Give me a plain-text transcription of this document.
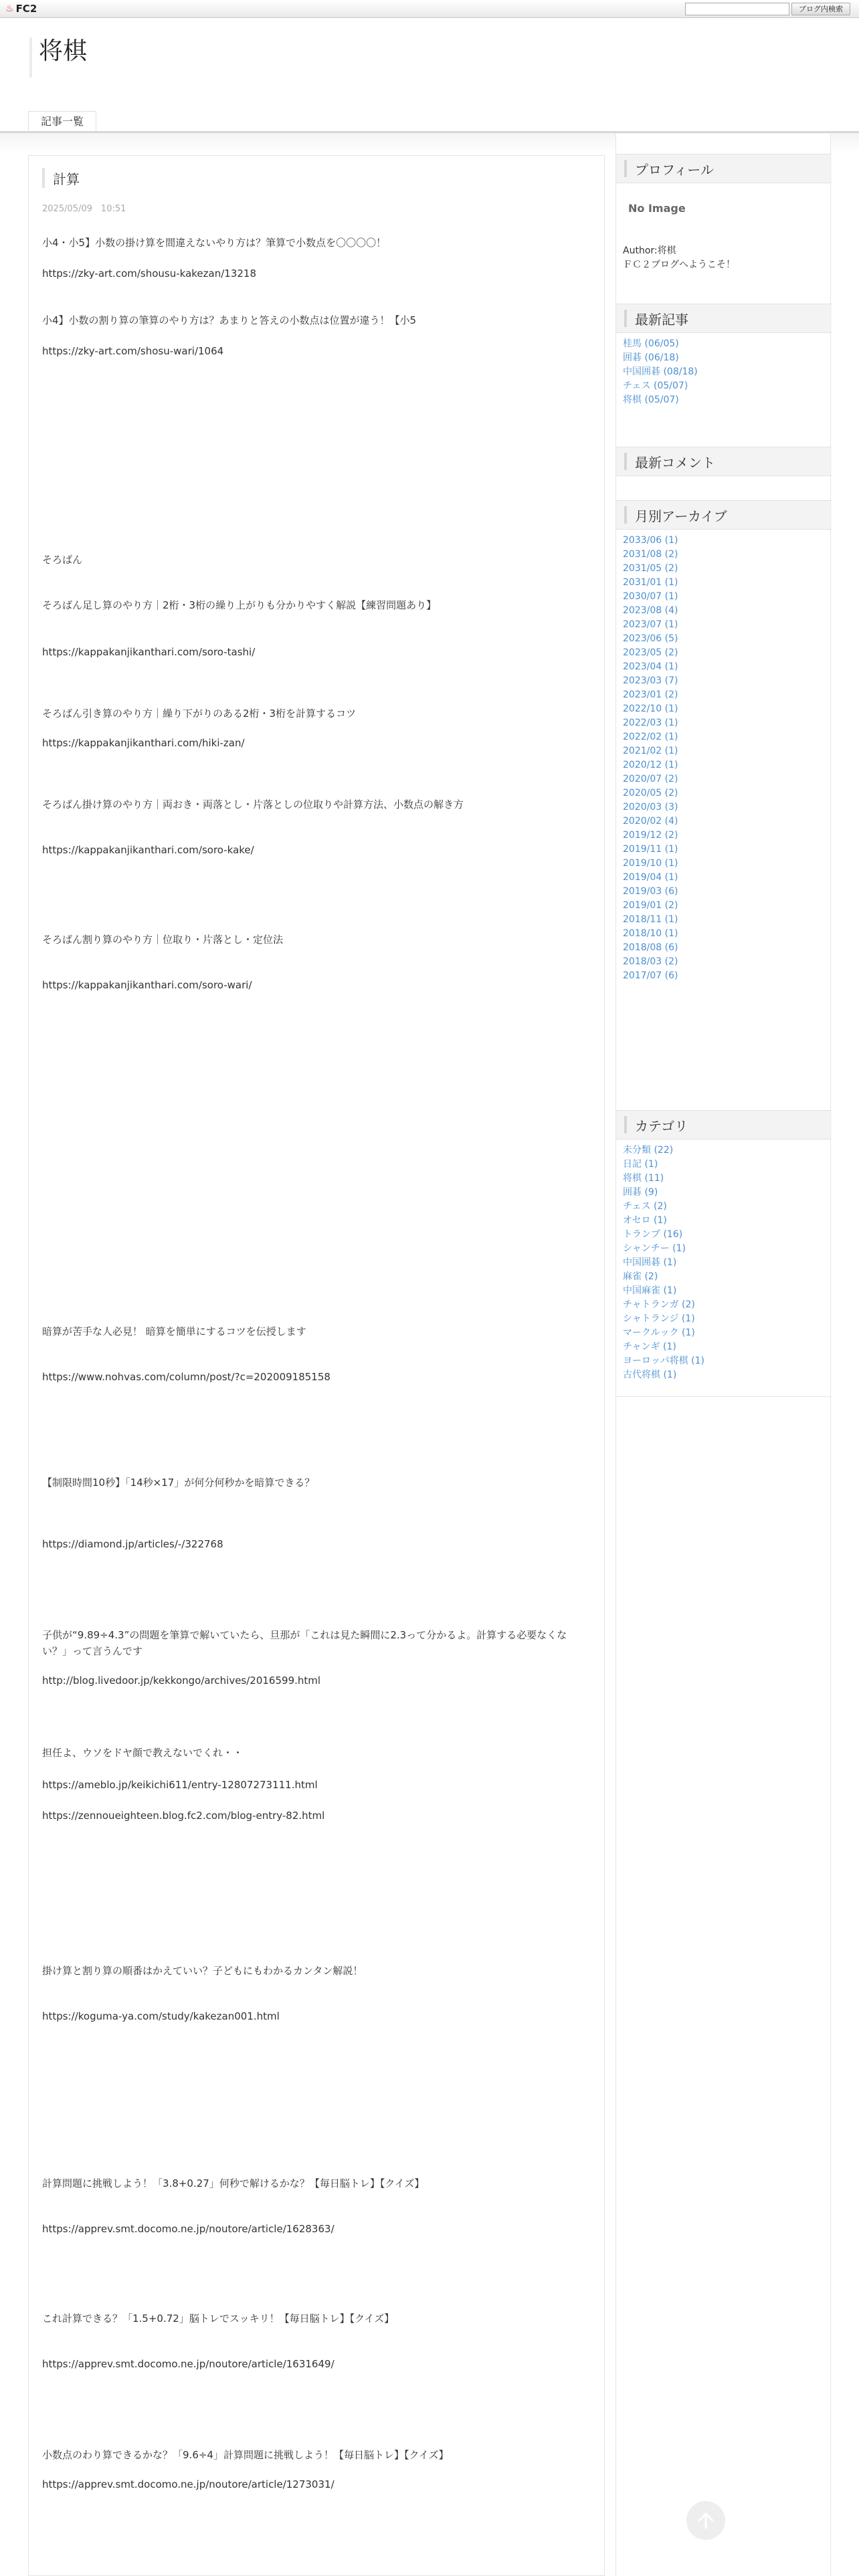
♨ FC2	ブログ内検索
将棋
記事一覧
計算
2025/05/09　10:51

小4・小5】小数の掛け算を間違えないやり方は？筆算で小数点を〇〇〇〇！

https://zky-art.com/shousu-kakezan/13218

小4】小数の割り算の筆算のやり方は？あまりと答えの小数点は位置が違う！【小5

https://zky-art.com/shosu-wari/1064

そろばん

そろばん足し算のやり方｜2桁・3桁の繰り上がりも分かりやすく解説【練習問題あり】

https://kappakanjikanthari.com/soro-tashi/

そろばん引き算のやり方｜繰り下がりのある2桁・3桁を計算するコツ

https://kappakanjikanthari.com/hiki-zan/

そろばん掛け算のやり方｜両おき・両落とし・片落としの位取りや計算方法、小数点の解き方

https://kappakanjikanthari.com/soro-kake/

そろばん割り算のやり方｜位取り・片落とし・定位法

https://kappakanjikanthari.com/soro-wari/

暗算が苦手な人必見！ 暗算を簡単にするコツを伝授します

https://www.nohvas.com/column/post/?c=202009185158

【制限時間10秒】「14秒×17」が何分何秒かを暗算できる？

https://diamond.jp/articles/-/322768

子供が“9.89÷4.3”の問題を筆算で解いていたら、旦那が「これは見た瞬間に2.3って分かるよ。計算する必要なくない？」って言うんです

http://blog.livedoor.jp/kekkongo/archives/2016599.html

担任よ、ウソをドヤ顔で教えないでくれ・・

https://ameblo.jp/keikichi611/entry-12807273111.html

https://zennoueighteen.blog.fc2.com/blog-entry-82.html

掛け算と割り算の順番はかえていい？子どもにもわかるカンタン解説！

https://koguma-ya.com/study/kakezan001.html

計算問題に挑戦しよう！「3.8+0.27」何秒で解けるかな？【毎日脳トレ】【クイズ】

https://apprev.smt.docomo.ne.jp/noutore/article/1628363/

これ計算できる？「1.5+0.72」脳トレでスッキリ！【毎日脳トレ】【クイズ】

https://apprev.smt.docomo.ne.jp/noutore/article/1631649/

小数点のわり算できるかな？「9.6÷4」計算問題に挑戦しよう！【毎日脳トレ】【クイズ】

https://apprev.smt.docomo.ne.jp/noutore/article/1273031/

プロフィール
No Image
Author:将棋
ＦＣ２ブログへようこそ！
最新記事
桂馬 (06/05)
囲碁 (06/18)
中国囲碁 (08/18)
チェス (05/07)
将棋 (05/07)
最新コメント
月別アーカイブ
2033/06 (1)
2031/08 (2)
2031/05 (2)
2031/01 (1)
2030/07 (1)
2023/08 (4)
2023/07 (1)
2023/06 (5)
2023/05 (2)
2023/04 (1)
2023/03 (7)
2023/01 (2)
2022/10 (1)
2022/03 (1)
2022/02 (1)
2021/02 (1)
2020/12 (1)
2020/07 (2)
2020/05 (2)
2020/03 (3)
2020/02 (4)
2019/12 (2)
2019/11 (1)
2019/10 (1)
2019/04 (1)
2019/03 (6)
2019/01 (2)
2018/11 (1)
2018/10 (1)
2018/08 (6)
2018/03 (2)
2017/07 (6)
カテゴリ
未分類 (22)
日記 (1)
将棋 (11)
囲碁 (9)
チェス (2)
オセロ (1)
トランプ (16)
シャンチー (1)
中国囲碁 (1)
麻雀 (2)
中国麻雀 (1)
チャトランガ (2)
シャトランジ (1)
マークルック (1)
チャンギ (1)
ヨーロッパ将棋 (1)
古代将棋 (1)
